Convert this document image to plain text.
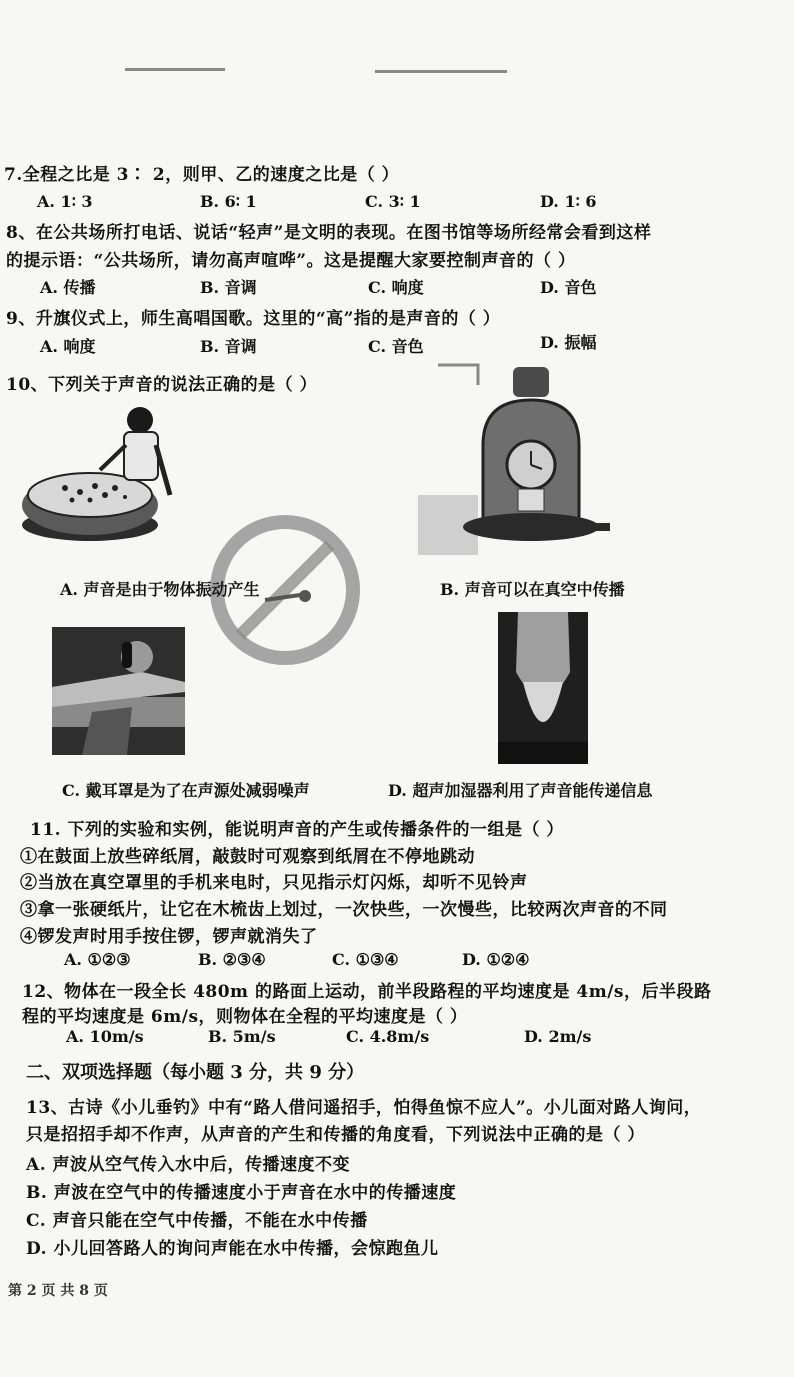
7.全程之比是 3∶ 2，则甲、乙的速度之比是（ ）
A. 1∶ 3	B. 6∶ 1	C. 3∶ 1	D. 1∶ 6
8、在公共场所打电话、说话“轻声”是文明的表现。在图书馆等场所经常会看到这样
的提示语：“公共场所，请勿高声喧哗”。这是提醒大家要控制声音的（ ）
A. 传播	B. 音调	C. 响度	D. 音色
9、升旗仪式上，师生高唱国歌。这里的“高”指的是声音的（ ）
A. 响度	B. 音调	C. 音色	D. 振幅
10、下列关于声音的说法正确的是（ ）
A. 声音是由于物体振动产生	B. 声音可以在真空中传播
C. 戴耳罩是为了在声源处减弱噪声	D. 超声加湿器利用了声音能传递信息
11. 下列的实验和实例，能说明声音的产生或传播条件的一组是（ ）
①在鼓面上放些碎纸屑，敲鼓时可观察到纸屑在不停地跳动
②当放在真空罩里的手机来电时，只见指示灯闪烁，却听不见铃声
③拿一张硬纸片，让它在木梳齿上划过，一次快些，一次慢些，比较两次声音的不同
④锣发声时用手按住锣，锣声就消失了
A. ①②③	B. ②③④	C. ①③④	D. ①②④
12、物体在一段全长 480m 的路面上运动，前半段路程的平均速度是 4m/s，后半段路
程的平均速度是 6m/s，则物体在全程的平均速度是（ ）
A. 10m/s	B. 5m/s	C. 4.8m/s	D. 2m/s
二、双项选择题（每小题 3 分，共 9 分）
13、古诗《小儿垂钓》中有“路人借问遥招手，怕得鱼惊不应人”。小儿面对路人询问，
只是招招手却不作声，从声音的产生和传播的角度看，下列说法中正确的是（ ）
A. 声波从空气传入水中后，传播速度不变
B. 声波在空气中的传播速度小于声音在水中的传播速度
C. 声音只能在空气中传播，不能在水中传播
D. 小儿回答路人的询问声能在水中传播，会惊跑鱼儿
第 2 页 共 8 页
